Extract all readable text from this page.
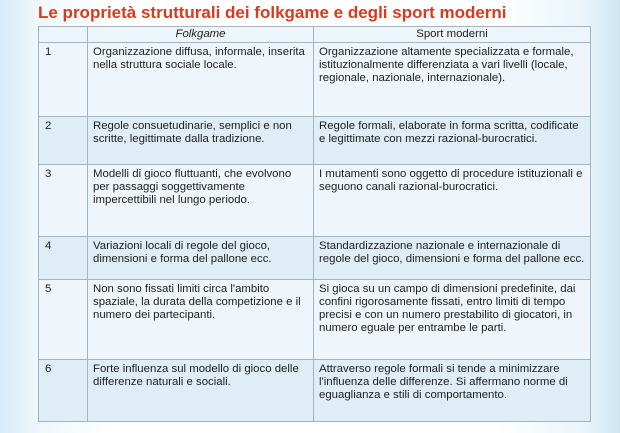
Le proprietà strutturali dei folkgame e degli sport moderni
	Folkgame	Sport moderni
1	Organizzazione diffusa, informale, inserita nella struttura sociale locale.	Organizzazione altamente specializzata e formale, istituzionalmente differenziata a vari livelli (locale, regionale, nazionale, internazionale).
2	Regole consuetudinarie, semplici e non scritte, legittimate dalla tradizione.	Regole formali, elaborate in forma scritta, codificate e legittimate con mezzi razional-burocratici.
3	Modelli di gioco fluttuanti, che evolvono per passaggi soggettivamente impercettibili nel lungo periodo.	I mutamenti sono oggetto di procedure istituzionali e seguono canali razional-burocratici.
4	Variazioni locali di regole del gioco, dimensioni e forma del pallone ecc.	Standardizzazione nazionale e internazionale di regole del gioco, dimensioni e forma del pallone ecc.
5	Non sono fissati limiti circa l'ambito spaziale, la durata della competizione e il numero dei partecipanti.	Si gioca su un campo di dimensioni predefinite, dai confini rigorosamente fissati, entro limiti di tempo precisi e con un numero prestabilito di giocatori, in numero eguale per entrambe le parti.
6	Forte influenza sul modello di gioco delle differenze naturali e sociali.	Attraverso regole formali si tende a minimizzare l'influenza delle differenze. Si affermano norme di eguaglianza e stili di comportamento.
